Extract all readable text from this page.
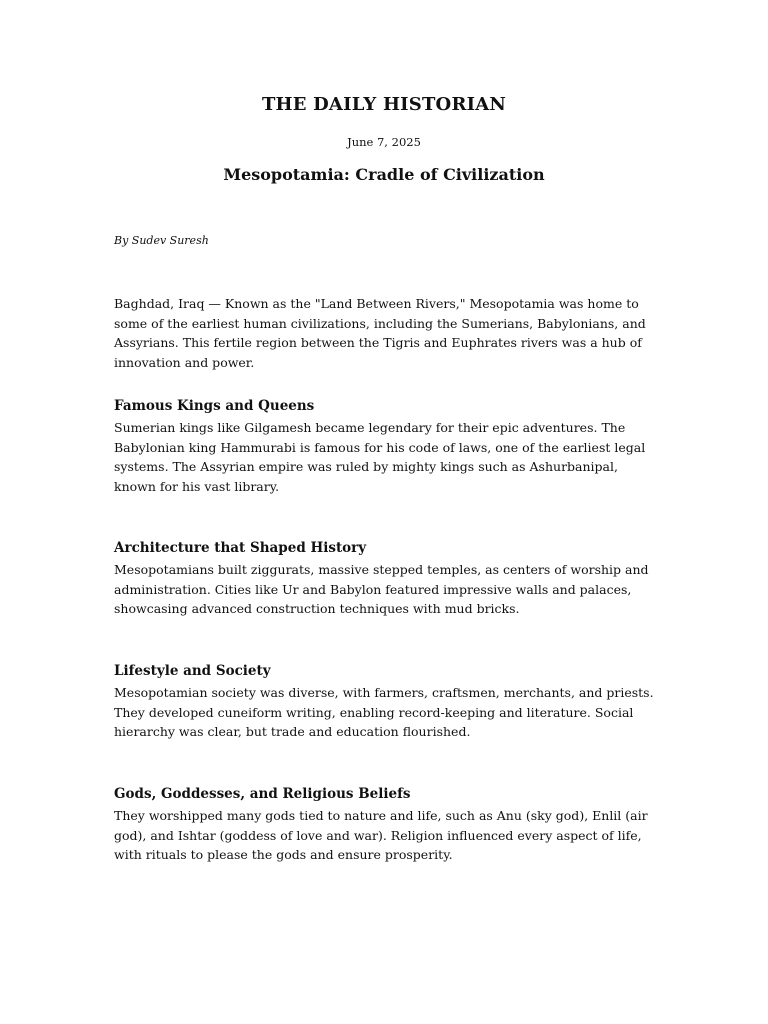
THE DAILY HISTORIAN
June 7, 2025
Mesopotamia: Cradle of Civilization
By Sudev Suresh
Baghdad, Iraq — Known as the "Land Between Rivers," Mesopotamia was home to some of the earliest human civilizations, including the Sumerians, Babylonians, and Assyrians. This fertile region between the Tigris and Euphrates rivers was a hub of innovation and power.
Famous Kings and Queens
Sumerian kings like Gilgamesh became legendary for their epic adventures. The Babylonian king Hammurabi is famous for his code of laws, one of the earliest legal systems. The Assyrian empire was ruled by mighty kings such as Ashurbanipal, known for his vast library.
Architecture that Shaped History
Mesopotamians built ziggurats, massive stepped temples, as centers of worship and administration. Cities like Ur and Babylon featured impressive walls and palaces, showcasing advanced construction techniques with mud bricks.
Lifestyle and Society
Mesopotamian society was diverse, with farmers, craftsmen, merchants, and priests. They developed cuneiform writing, enabling record-keeping and literature. Social hierarchy was clear, but trade and education flourished.
Gods, Goddesses, and Religious Beliefs
They worshipped many gods tied to nature and life, such as Anu (sky god), Enlil (air god), and Ishtar (goddess of love and war). Religion influenced every aspect of life, with rituals to please the gods and ensure prosperity.
